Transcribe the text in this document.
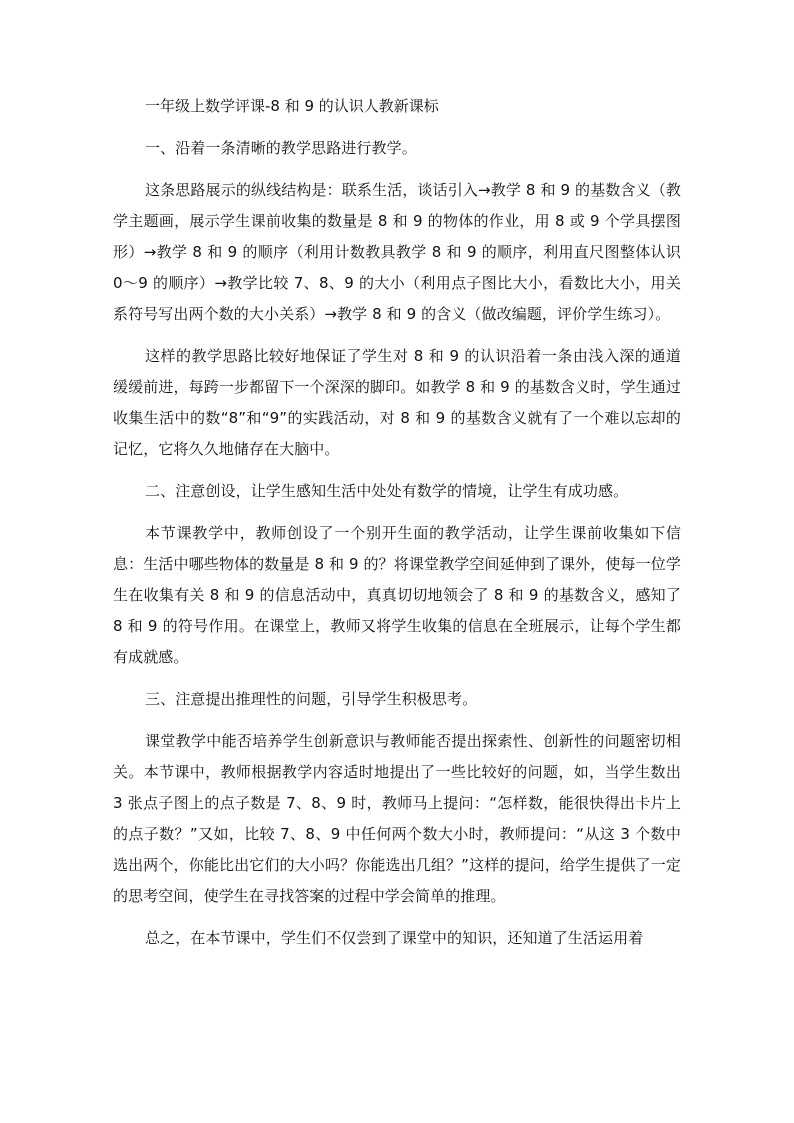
一年级上数学评课-8 和 9 的认识人教新课标

一、沿着一条清晰的教学思路进行教学。

这条思路展示的纵线结构是：联系生活，谈话引入→教学 8 和 9 的基数含义（教学主题画，展示学生课前收集的数量是 8 和 9 的物体的作业，用 8 或 9 个学具摆图形）→教学 8 和 9 的顺序（利用计数教具教学 8 和 9 的顺序，利用直尺图整体认识 0～9 的顺序）→教学比较 7、8、9 的大小（利用点子图比大小，看数比大小，用关系符号写出两个数的大小关系）→教学 8 和 9 的含义（做改编题，评价学生练习）。

这样的教学思路比较好地保证了学生对 8 和 9 的认识沿着一条由浅入深的通道缓缓前进，每跨一步都留下一个深深的脚印。如教学 8 和 9 的基数含义时，学生通过收集生活中的数“8”和“9”的实践活动，对 8 和 9 的基数含义就有了一个难以忘却的记忆，它将久久地储存在大脑中。

二、注意创设，让学生感知生活中处处有数学的情境，让学生有成功感。

本节课教学中，教师创设了一个别开生面的教学活动，让学生课前收集如下信息：生活中哪些物体的数量是 8 和 9 的？将课堂教学空间延伸到了课外，使每一位学生在收集有关 8 和 9 的信息活动中，真真切切地领会了 8 和 9 的基数含义，感知了 8 和 9 的符号作用。在课堂上，教师又将学生收集的信息在全班展示，让每个学生都有成就感。

三、注意提出推理性的问题，引导学生积极思考。

课堂教学中能否培养学生创新意识与教师能否提出探索性、创新性的问题密切相关。本节课中，教师根据教学内容适时地提出了一些比较好的问题，如，当学生数出 3 张点子图上的点子数是 7、8、9 时，教师马上提问：“怎样数，能很快得出卡片上的点子数？”又如，比较 7、8、9 中任何两个数大小时，教师提问：“从这 3 个数中选出两个，你能比出它们的大小吗？你能选出几组？”这样的提问，给学生提供了一定的思考空间，使学生在寻找答案的过程中学会简单的推理。

总之，在本节课中，学生们不仅尝到了课堂中的知识，还知道了生活运用着
